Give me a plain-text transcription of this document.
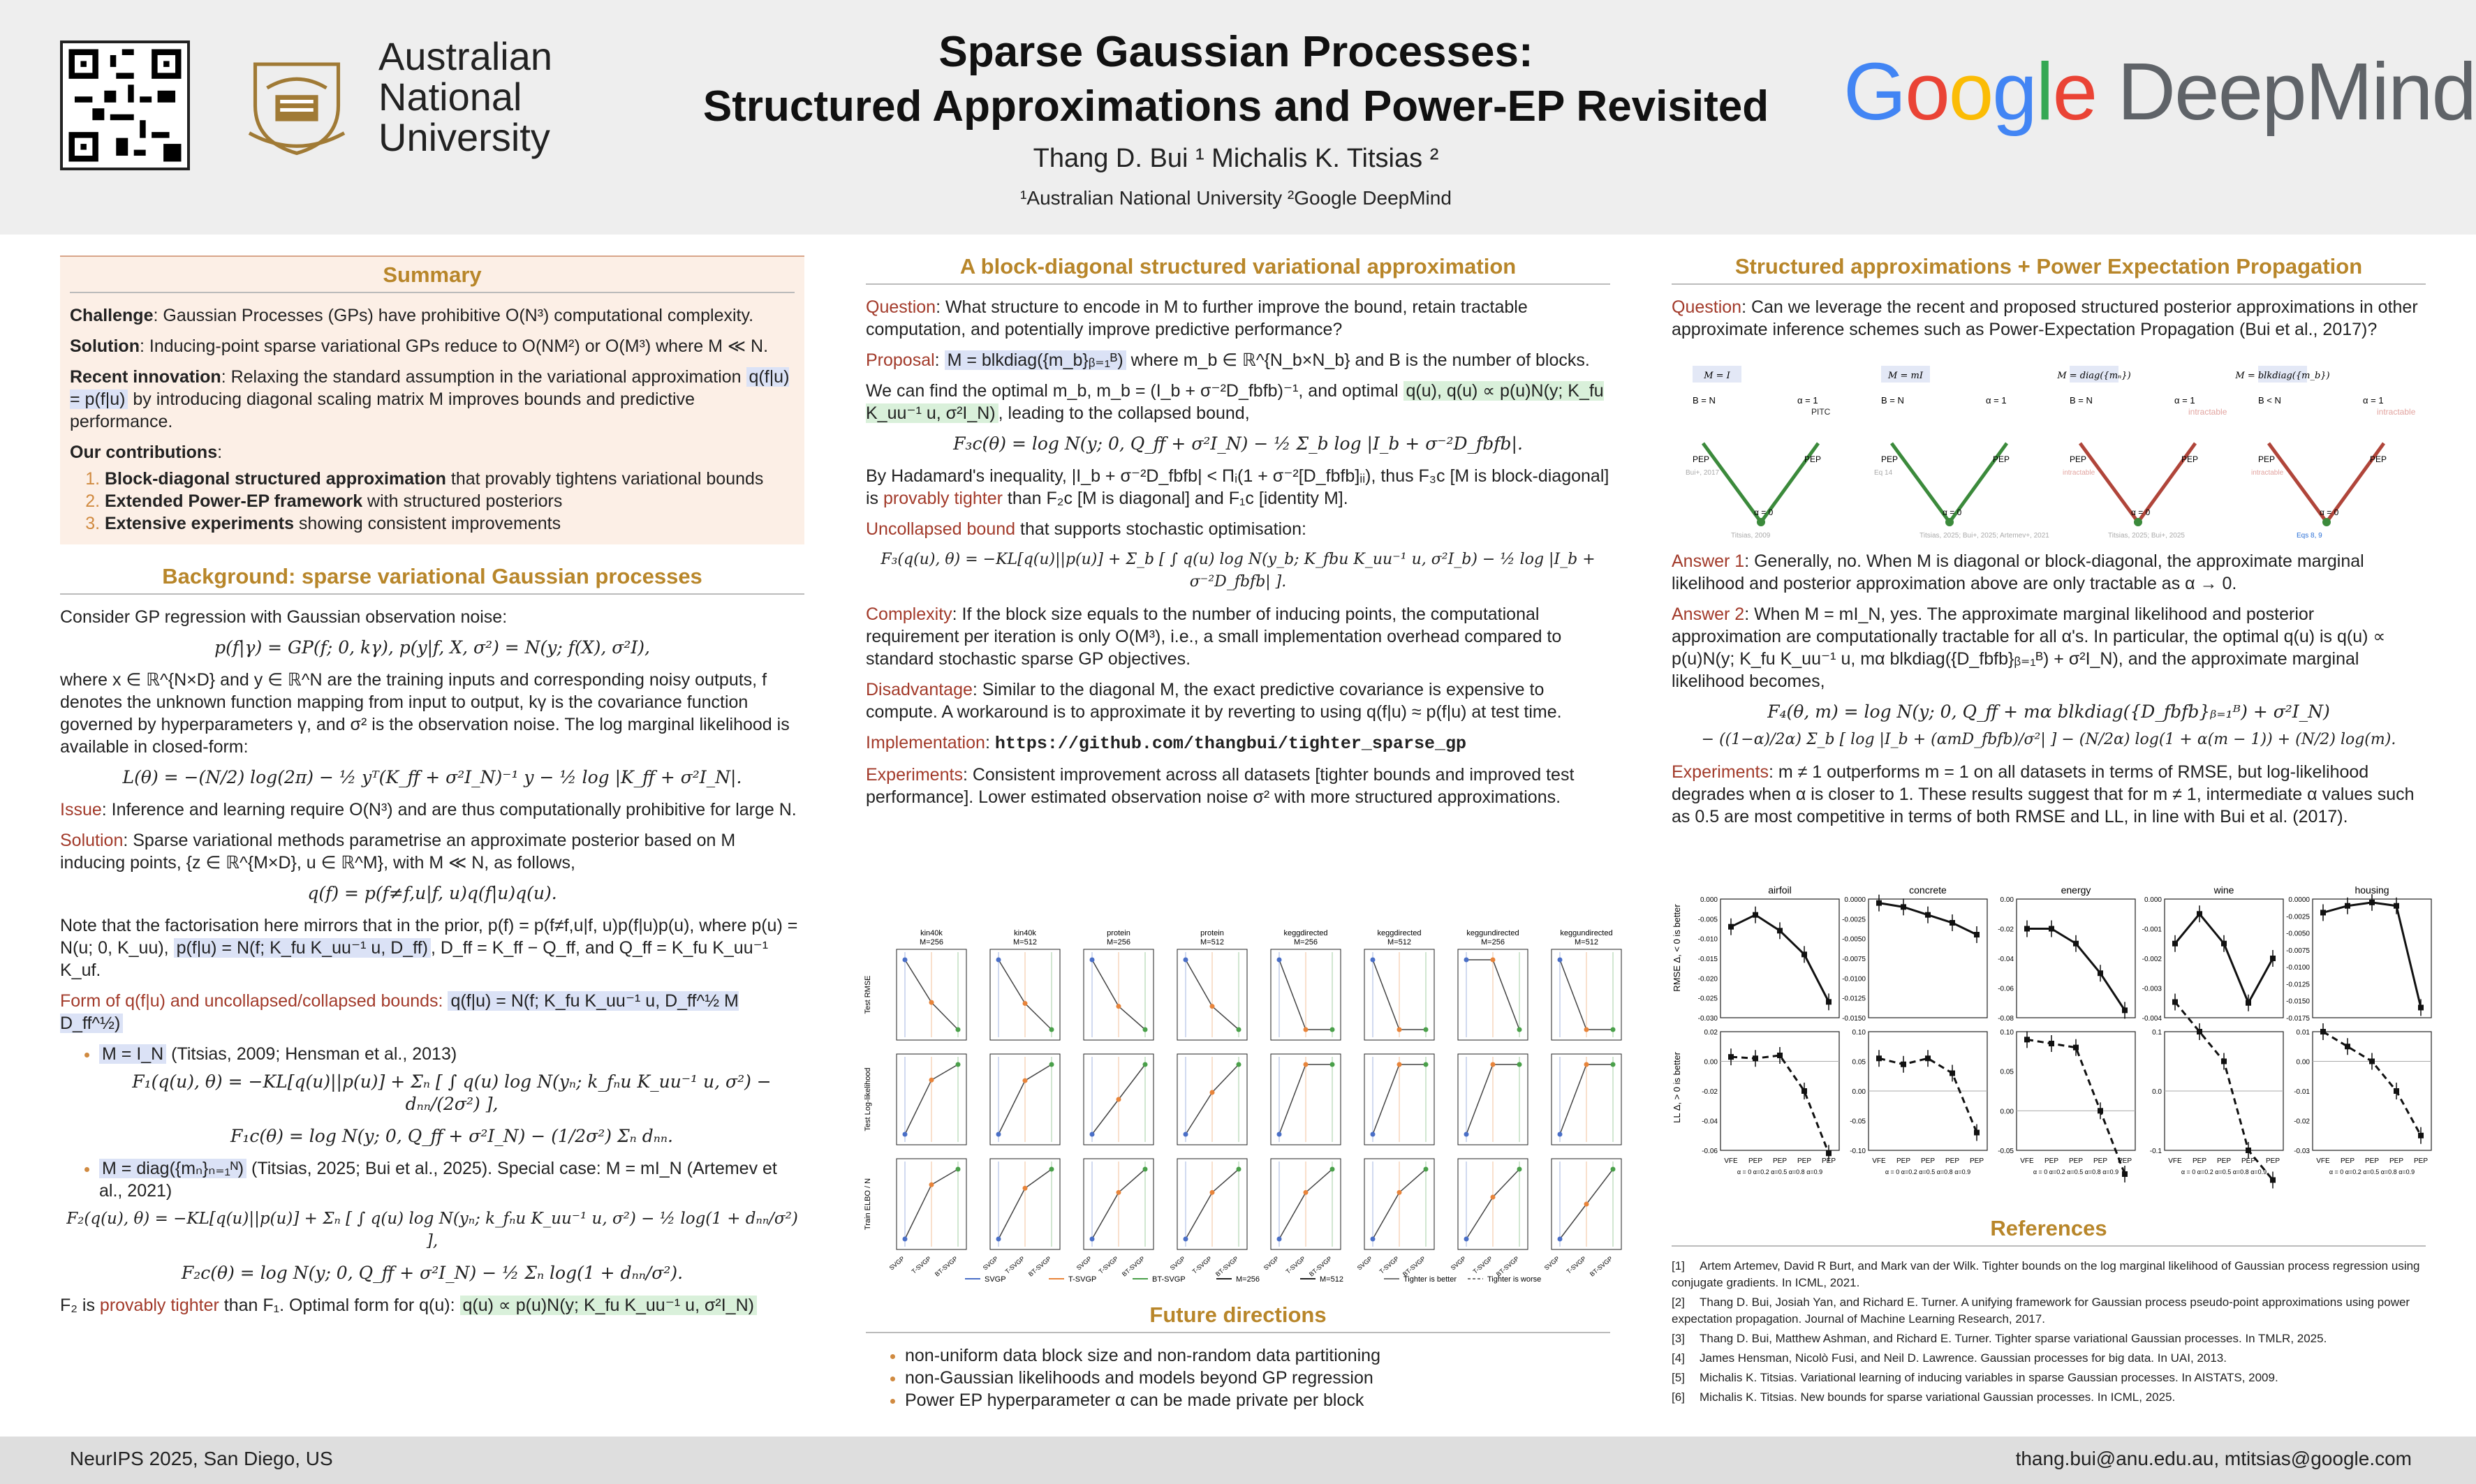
Australian
National
University
Sparse Gaussian Processes:
Structured Approximations and Power-EP Revisited
Thang D. Bui ¹ Michalis K. Titsias ²
¹Australian National University ²Google DeepMind
Google DeepMind
Summary

Challenge: Gaussian Processes (GPs) have prohibitive O(N³) computational complexity.

Solution: Inducing-point sparse variational GPs reduce to O(NM²) or O(M³) where M ≪ N.

Recent innovation: Relaxing the standard assumption in the variational approximation q(f|u) = p(f|u) by introducing diagonal scaling matrix M improves bounds and predictive performance.

Our contributions:
1. Block-diagonal structured approximation that provably tightens variational bounds
2. Extended Power-EP framework with structured posteriors
3. Extensive experiments showing consistent improvements
Background: sparse variational Gaussian processes

Consider GP regression with Gaussian observation noise:

p(f|γ) = GP(f; 0, kγ), p(y|f, X, σ²) = N(y; f(X), σ²I),

where x ∈ ℝ^{N×D} and y ∈ ℝ^N are the training inputs and corresponding noisy outputs, f denotes the unknown function mapping from input to output, kγ is the covariance function governed by hyperparameters γ, and σ² is the observation noise. The log marginal likelihood is available in closed-form:

L(θ) = −(N/2) log(2π) − ½ yᵀ(K_ff + σ²I_N)⁻¹ y − ½ log |K_ff + σ²I_N|.

Issue: Inference and learning require O(N³) and are thus computationally prohibitive for large N.

Solution: Sparse variational methods parametrise an approximate posterior based on M inducing points, {z ∈ ℝ^{M×D}, u ∈ ℝ^M}, with M ≪ N, as follows,

q(f) = p(f≠f,u|f, u)q(f|u)q(u).

Note that the factorisation here mirrors that in the prior, p(f) = p(f≠f,u|f, u)p(f|u)p(u), where p(u) = N(u; 0, K_uu), p(f|u) = N(f; K_fu K_uu⁻¹ u, D_ff) , D_ff = K_ff − Q_ff, and Q_ff = K_fu K_uu⁻¹ K_uf.

Form of q(f|u) and uncollapsed/collapsed bounds: q(f|u) = N(f; K_fu K_uu⁻¹ u, D_ff^½ M D_ff^½)

• M = I_N (Titsias, 2009; Hensman et al., 2013)
F₁(q(u), θ) = −KL[q(u)||p(u)] + Σₙ [ ∫ q(u) log N(yₙ; k_fₙu K_uu⁻¹ u, σ²) − dₙₙ/(2σ²) ],
F₁c(θ) = log N(y; 0, Q_ff + σ²I_N) − (1/2σ²) Σₙ dₙₙ.
• M = diag({mₙ}ₙ₌₁ᴺ) (Titsias, 2025; Bui et al., 2025). Special case: M = mI_N (Artemev et al., 2021)
F₂(q(u), θ) = −KL[q(u)||p(u)] + Σₙ [ ∫ q(u) log N(yₙ; k_fₙu K_uu⁻¹ u, σ²) − ½ log(1 + dₙₙ/σ²) ],
F₂c(θ) = log N(y; 0, Q_ff + σ²I_N) − ½ Σₙ log(1 + dₙₙ/σ²).

F₂ is provably tighter than F₁. Optimal form for q(u): q(u) ∝ p(u)N(y; K_fu K_uu⁻¹ u, σ²I_N)

A block-diagonal structured variational approximation

Question: What structure to encode in M to further improve the bound, retain tractable computation, and potentially improve predictive performance?

Proposal: M = blkdiag({m_b}ᵦ₌₁ᴮ) where m_b ∈ ℝ^{N_b×N_b} and B is the number of blocks.

We can find the optimal m_b, m_b = (I_b + σ⁻²D_fbfb)⁻¹, and optimal q(u), q(u) ∝ p(u)N(y; K_fu K_uu⁻¹ u, σ²I_N) , leading to the collapsed bound,

F₃c(θ) = log N(y; 0, Q_ff + σ²I_N) − ½ Σ_b log |I_b + σ⁻²D_fbfb|.

By Hadamard's inequality, |I_b + σ⁻²D_fbfb| < Πᵢ(1 + σ⁻²[D_fbfb]ᵢᵢ), thus F₃c [M is block-diagonal] is provably tighter than F₂c [M is diagonal] and F₁c [identity M].

Uncollapsed bound that supports stochastic optimisation:

F₃(q(u), θ) = −KL[q(u)||p(u)] + Σ_b [ ∫ q(u) log N(y_b; K_fbu K_uu⁻¹ u, σ²I_b) − ½ log |I_b + σ⁻²D_fbfb| ].

Complexity: If the block size equals to the number of inducing points, the computational requirement per iteration is only O(M³), i.e., a small implementation overhead compared to standard stochastic sparse GP objectives.

Disadvantage: Similar to the diagonal M, the exact predictive covariance is expensive to compute. A workaround is to approximate it by reverting to using q(f|u) ≈ p(f|u) at test time.

Implementation: https://github.com/thangbui/tighter_sparse_gp

Experiments: Consistent improvement across all datasets [tighter bounds and improved test performance]. Lower estimated observation noise σ² with more structured approximations.

kin40k
M=256
kin40k
M=512
protein
M=256
protein
M=512
keggdirected
M=256
keggdirected
M=512
keggundirected
M=256
keggundirected
M=512
Test RMSE
Test Log-likelihood
Train ELBO / N
SVGP T-SVGP BT-SVGP	SVGP T-SVGP BT-SVGP	SVGP T-SVGP BT-SVGP	SVGP T-SVGP BT-SVGP	SVGP T-SVGP BT-SVGP	SVGP T-SVGP BT-SVGP	SVGP T-SVGP BT-SVGP	SVGP T-SVGP BT-SVGP
SVGP	T-SVGP	BT-SVGP	M=256	M=512	Tighter is better	Tighter is worse
Future directions
• non-uniform data block size and non-random data partitioning
• non-Gaussian likelihoods and models beyond GP regression
• Power EP hyperparameter α can be made private per block
Structured approximations + Power Expectation Propagation

Question: Can we leverage the recent and proposed structured posterior approximations in other approximate inference schemes such as Power-Expectation Propagation (Bui et al., 2017)?

M = I
B = N	α = 1
PITC
PEP	PEP
α = 0
Bui+, 2017
Titsias, 2009
M = mI
B = N	α = 1
PEP	PEP
α = 0
Eq 14
Titsias, 2025; Bui+, 2025; Artemev+, 2021
M = diag({mₙ})
B = N	α = 1
intractable
PEP	PEP
α = 0
intractable
Titsias, 2025; Bui+, 2025
M = blkdiag({m_b})
B < N	α = 1
intractable
PEP	PEP
α = 0
intractable
Eqs 8, 9

Answer 1: Generally, no. When M is diagonal or block-diagonal, the approximate marginal likelihood and posterior approximation above are only tractable as α → 0.

Answer 2: When M = mI_N, yes. The approximate marginal likelihood and posterior approximation are computationally tractable for all α's. In particular, the optimal q(u) is q(u) ∝ p(u)N(y; K_fu K_uu⁻¹ u, mα blkdiag({D_fbfb}ᵦ₌₁ᴮ) + σ²I_N), and the approximate marginal likelihood becomes,

F₄(θ, m) = log N(y; 0, Q_ff + mα blkdiag({D_fbfb}ᵦ₌₁ᴮ) + σ²I_N)
− ((1−α)/2α) Σ_b [ log |I_b + (αmD_fbfb)/σ²| ] − (N/2α) log(1 + α(m − 1)) + (N/2) log(m).

Experiments: m ≠ 1 outperforms m = 1 on all datasets in terms of RMSE, but log-likelihood degrades when α is closer to 1. These results suggest that for m ≠ 1, intermediate α values such as 0.5 are most competitive in terms of both RMSE and LL, in line with Bui et al. (2017).

RMSE Δ, < 0 is better
LL Δ, > 0 is better
airfoil
0.000
-0.005
-0.010
-0.015
-0.020
-0.025
-0.030
0.02
0.00
-0.02
-0.04
-0.06
VFE PEP PEP PEP PEP
α = 0 α=0.2 α=0.5 α=0.8 α=0.9
concrete
0.0000
-0.0025
-0.0050
-0.0075
-0.0100
-0.0125
-0.0150
0.10
0.05
0.00
-0.05
-0.10
VFE PEP PEP PEP PEP
α = 0 α=0.2 α=0.5 α=0.8 α=0.9
energy
0.00
-0.02
-0.04
-0.06
-0.08
0.10
0.05
0.00
-0.05
VFE PEP PEP PEP PEP
α = 0 α=0.2 α=0.5 α=0.8 α=0.9
wine
0.000
-0.001
-0.002
-0.003
-0.004
0.1
0.0
-0.1
VFE PEP PEP PEP PEP
α = 0 α=0.2 α=0.5 α=0.8 α=0.9
housing
0.0000
-0.0025
-0.0050
-0.0075
-0.0100
-0.0125
-0.0150
-0.0175
0.01
0.00
-0.01
-0.02
-0.03
VFE PEP PEP PEP PEP
α = 0 α=0.2 α=0.5 α=0.8 α=0.9
References
[1] Artem Artemev, David R Burt, and Mark van der Wilk. Tighter bounds on the log marginal likelihood of Gaussian process regression using conjugate gradients. In ICML, 2021.
[2] Thang D. Bui, Josiah Yan, and Richard E. Turner. A unifying framework for Gaussian process pseudo-point approximations using power expectation propagation. Journal of Machine Learning Research, 2017.
[3] Thang D. Bui, Matthew Ashman, and Richard E. Turner. Tighter sparse variational Gaussian processes. In TMLR, 2025.
[4] James Hensman, Nicolò Fusi, and Neil D. Lawrence. Gaussian processes for big data. In UAI, 2013.
[5] Michalis K. Titsias. Variational learning of inducing variables in sparse Gaussian processes. In AISTATS, 2009.
[6] Michalis K. Titsias. New bounds for sparse variational Gaussian processes. In ICML, 2025.
NeurIPS 2025, San Diego, US	thang.bui@anu.edu.au, mtitsias@google.com
